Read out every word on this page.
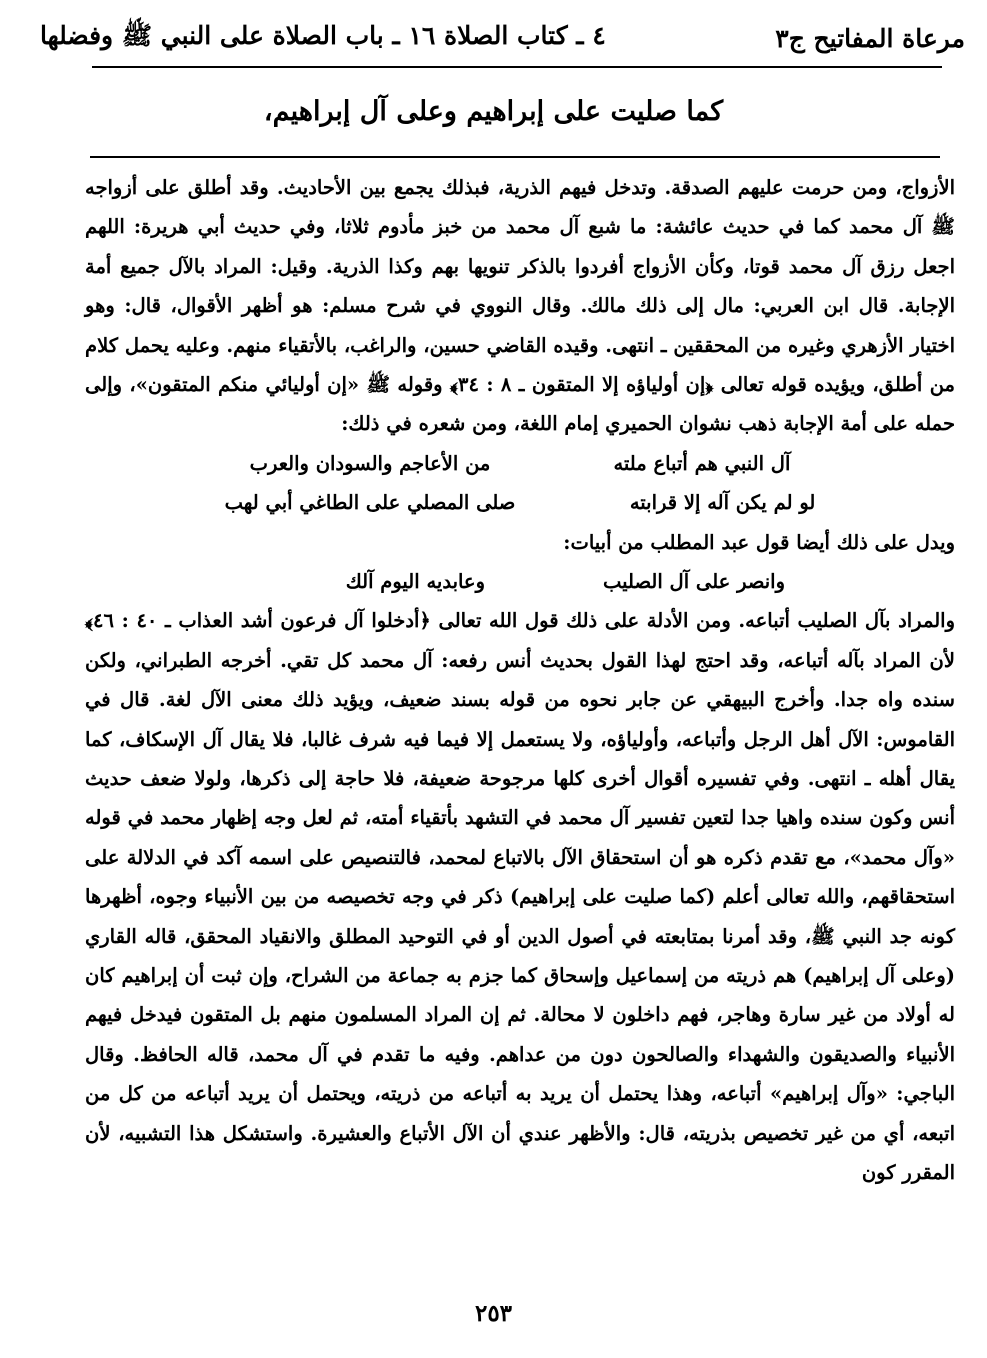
٤ ـ كتاب الصلاة ١٦ ـ باب الصلاة على النبي ﷺ وفضلها	مرعاة المفاتيح ج٣
كما صليت على إبراهيم وعلى آل إبراهيم،

الأزواج، ومن حرمت عليهم الصدقة. وتدخل فيهم الذرية، فبذلك يجمع بين الأحاديث. وقد أطلق على أزواجه ﷺ آل محمد كما في حديث عائشة: ما شبع آل محمد من خبز مأدوم ثلاثا، وفي حديث أبي هريرة: اللهم اجعل رزق آل محمد قوتا، وكأن الأزواج أفردوا بالذكر تنويها بهم وكذا الذرية. وقيل: المراد بالآل جميع أمة الإجابة. قال ابن العربي: مال إلى ذلك مالك. وقال النووي في شرح مسلم: هو أظهر الأقوال، قال: وهو اختيار الأزهري وغيره من المحققين ـ انتهى. وقيده القاضي حسين، والراغب، بالأتقياء منهم. وعليه يحمل كلام من أطلق، ويؤيده قوله تعالى ﴿إن أولياؤه إلا المتقون ـ ٨ : ٣٤﴾ وقوله ﷺ «إن أوليائي منكم المتقون»، وإلى حمله على أمة الإجابة ذهب نشوان الحميري إمام اللغة، ومن شعره في ذلك:

آل النبي هم أتباع ملته
من الأعاجم والسودان والعرب
لو لم يكن آله إلا قرابته
صلى المصلي على الطاغي أبي لهب

ويدل على ذلك أيضا قول عبد المطلب من أبيات:

وانصر على آل الصليب
وعابديه اليوم آلك

والمراد بآل الصليب أتباعه. ومن الأدلة على ذلك قول الله تعالى ﴿أدخلوا آل فرعون أشد العذاب ـ ٤٠ : ٤٦﴾ لأن المراد بآله أتباعه، وقد احتج لهذا القول بحديث أنس رفعه: آل محمد كل تقي. أخرجه الطبراني، ولكن سنده واه جدا. وأخرج البيهقي عن جابر نحوه من قوله بسند ضعيف، ويؤيد ذلك معنى الآل لغة. قال في القاموس: الآل أهل الرجل وأتباعه، وأولياؤه، ولا يستعمل إلا فيما فيه شرف غالبا، فلا يقال آل الإسكاف، كما يقال أهله ـ انتهى. وفي تفسيره أقوال أخرى كلها مرجوحة ضعيفة، فلا حاجة إلى ذكرها، ولولا ضعف حديث أنس وكون سنده واهيا جدا لتعين تفسير آل محمد في التشهد بأتقياء أمته، ثم لعل وجه إظهار محمد في قوله «وآل محمد»، مع تقدم ذكره هو أن استحقاق الآل بالاتباع لمحمد، فالتنصيص على اسمه آكد في الدلالة على استحقاقهم، والله تعالى أعلم (كما صليت على إبراهيم) ذكر في وجه تخصيصه من بين الأنبياء وجوه، أظهرها كونه جد النبي ﷺ، وقد أمرنا بمتابعته في أصول الدين أو في التوحيد المطلق والانقياد المحقق، قاله القاري (وعلى آل إبراهيم) هم ذريته من إسماعيل وإسحاق كما جزم به جماعة من الشراح، وإن ثبت أن إبراهيم كان له أولاد من غير سارة وهاجر، فهم داخلون لا محالة. ثم إن المراد المسلمون منهم بل المتقون فيدخل فيهم الأنبياء والصديقون والشهداء والصالحون دون من عداهم. وفيه ما تقدم في آل محمد، قاله الحافظ. وقال الباجي: «وآل إبراهيم» أتباعه، وهذا يحتمل أن يريد به أتباعه من ذريته، ويحتمل أن يريد أتباعه من كل من اتبعه، أي من غير تخصيص بذريته، قال: والأظهر عندي أن الآل الأتباع والعشيرة. واستشكل هذا التشبيه، لأن المقرر كون

٢٥٣
